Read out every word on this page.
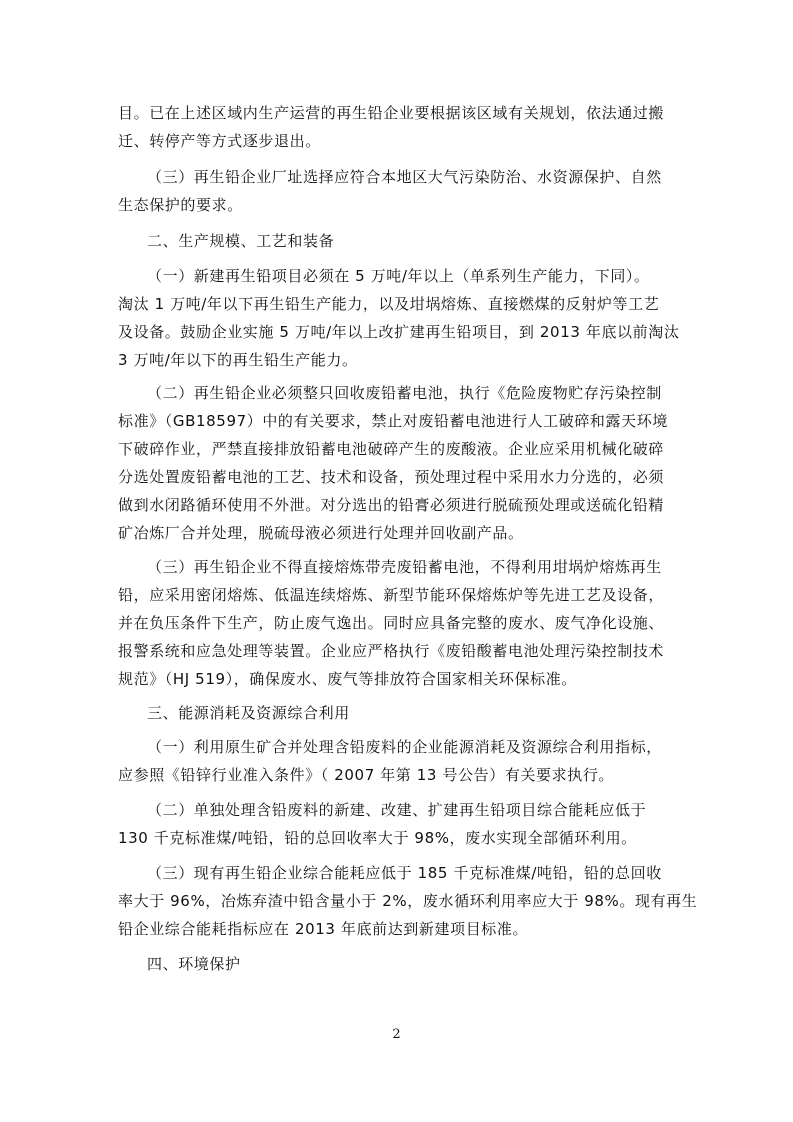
目。已在上述区域内生产运营的再生铅企业要根据该区域有关规划，依法通过搬
迁、转停产等方式逐步退出。
（三）再生铅企业厂址选择应符合本地区大气污染防治、水资源保护、自然
生态保护的要求。
二、生产规模、工艺和装备
（一）新建再生铅项目必须在 5 万吨/年以上（单系列生产能力，下同）。
淘汰 1 万吨/年以下再生铅生产能力，以及坩埚熔炼、直接燃煤的反射炉等工艺
及设备。鼓励企业实施 5 万吨/年以上改扩建再生铅项目，到 2013 年底以前淘汰
3 万吨/年以下的再生铅生产能力。
（二）再生铅企业必须整只回收废铅蓄电池，执行《危险废物贮存污染控制
标准》（GB18597）中的有关要求，禁止对废铅蓄电池进行人工破碎和露天环境
下破碎作业，严禁直接排放铅蓄电池破碎产生的废酸液。企业应采用机械化破碎
分选处置废铅蓄电池的工艺、技术和设备，预处理过程中采用水力分选的，必须
做到水闭路循环使用不外泄。对分选出的铅膏必须进行脱硫预处理或送硫化铅精
矿冶炼厂合并处理，脱硫母液必须进行处理并回收副产品。
（三）再生铅企业不得直接熔炼带壳废铅蓄电池，不得利用坩埚炉熔炼再生
铅，应采用密闭熔炼、低温连续熔炼、新型节能环保熔炼炉等先进工艺及设备，
并在负压条件下生产，防止废气逸出。同时应具备完整的废水、废气净化设施、
报警系统和应急处理等装置。企业应严格执行《废铅酸蓄电池处理污染控制技术
规范》（HJ 519），确保废水、废气等排放符合国家相关环保标准。
三、能源消耗及资源综合利用
（一）利用原生矿合并处理含铅废料的企业能源消耗及资源综合利用指标，
应参照《铅锌行业准入条件》（ 2007 年第 13 号公告）有关要求执行。
（二）单独处理含铅废料的新建、改建、扩建再生铅项目综合能耗应低于
130 千克标准煤/吨铅，铅的总回收率大于 98%，废水实现全部循环利用。
（三）现有再生铅企业综合能耗应低于 185 千克标准煤/吨铅，铅的总回收
率大于 96%，冶炼弃渣中铅含量小于 2%，废水循环利用率应大于 98%。现有再生
铅企业综合能耗指标应在 2013 年底前达到新建项目标准。
四、环境保护
2
